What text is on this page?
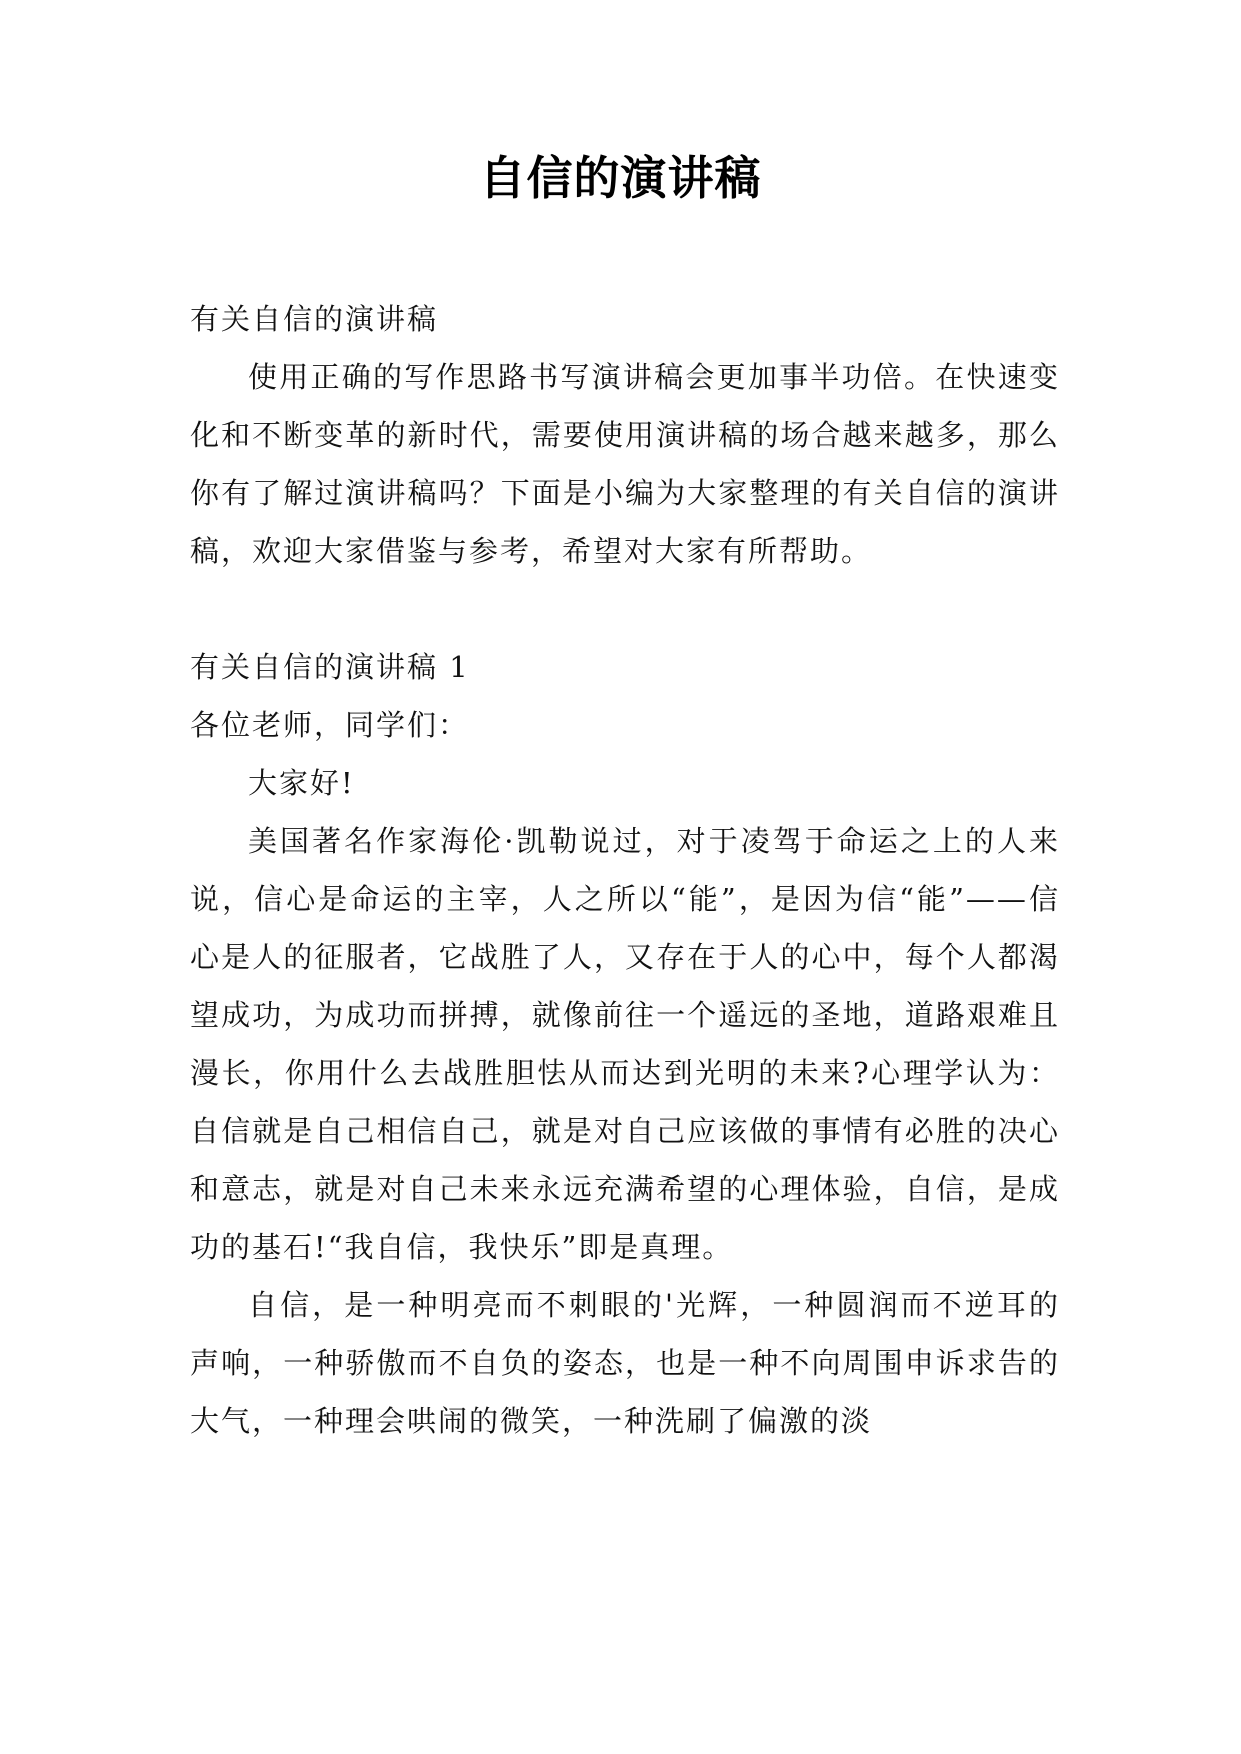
自信的演讲稿

有关自信的演讲稿

使用正确的写作思路书写演讲稿会更加事半功倍。在快速变化和不断变革的新时代，需要使用演讲稿的场合越来越多，那么你有了解过演讲稿吗？下面是小编为大家整理的有关自信的演讲稿，欢迎大家借鉴与参考，希望对大家有所帮助。

有关自信的演讲稿 1

各位老师，同学们：

大家好!

美国著名作家海伦·凯勒说过，对于凌驾于命运之上的人来说，信心是命运的主宰，人之所以“能”，是因为信“能”——信心是人的征服者，它战胜了人，又存在于人的心中，每个人都渴望成功，为成功而拼搏，就像前往一个遥远的圣地，道路艰难且漫长，你用什么去战胜胆怯从而达到光明的未来?心理学认为：自信就是自己相信自己，就是对自己应该做的事情有必胜的决心和意志，就是对自己未来永远充满希望的心理体验，自信，是成功的基石!“我自信，我快乐”即是真理。

自信，是一种明亮而不刺眼的'光辉，一种圆润而不逆耳的声响，一种骄傲而不自负的姿态，也是一种不向周围申诉求告的大气，一种理会哄闹的微笑，一种洗刷了偏激的淡
